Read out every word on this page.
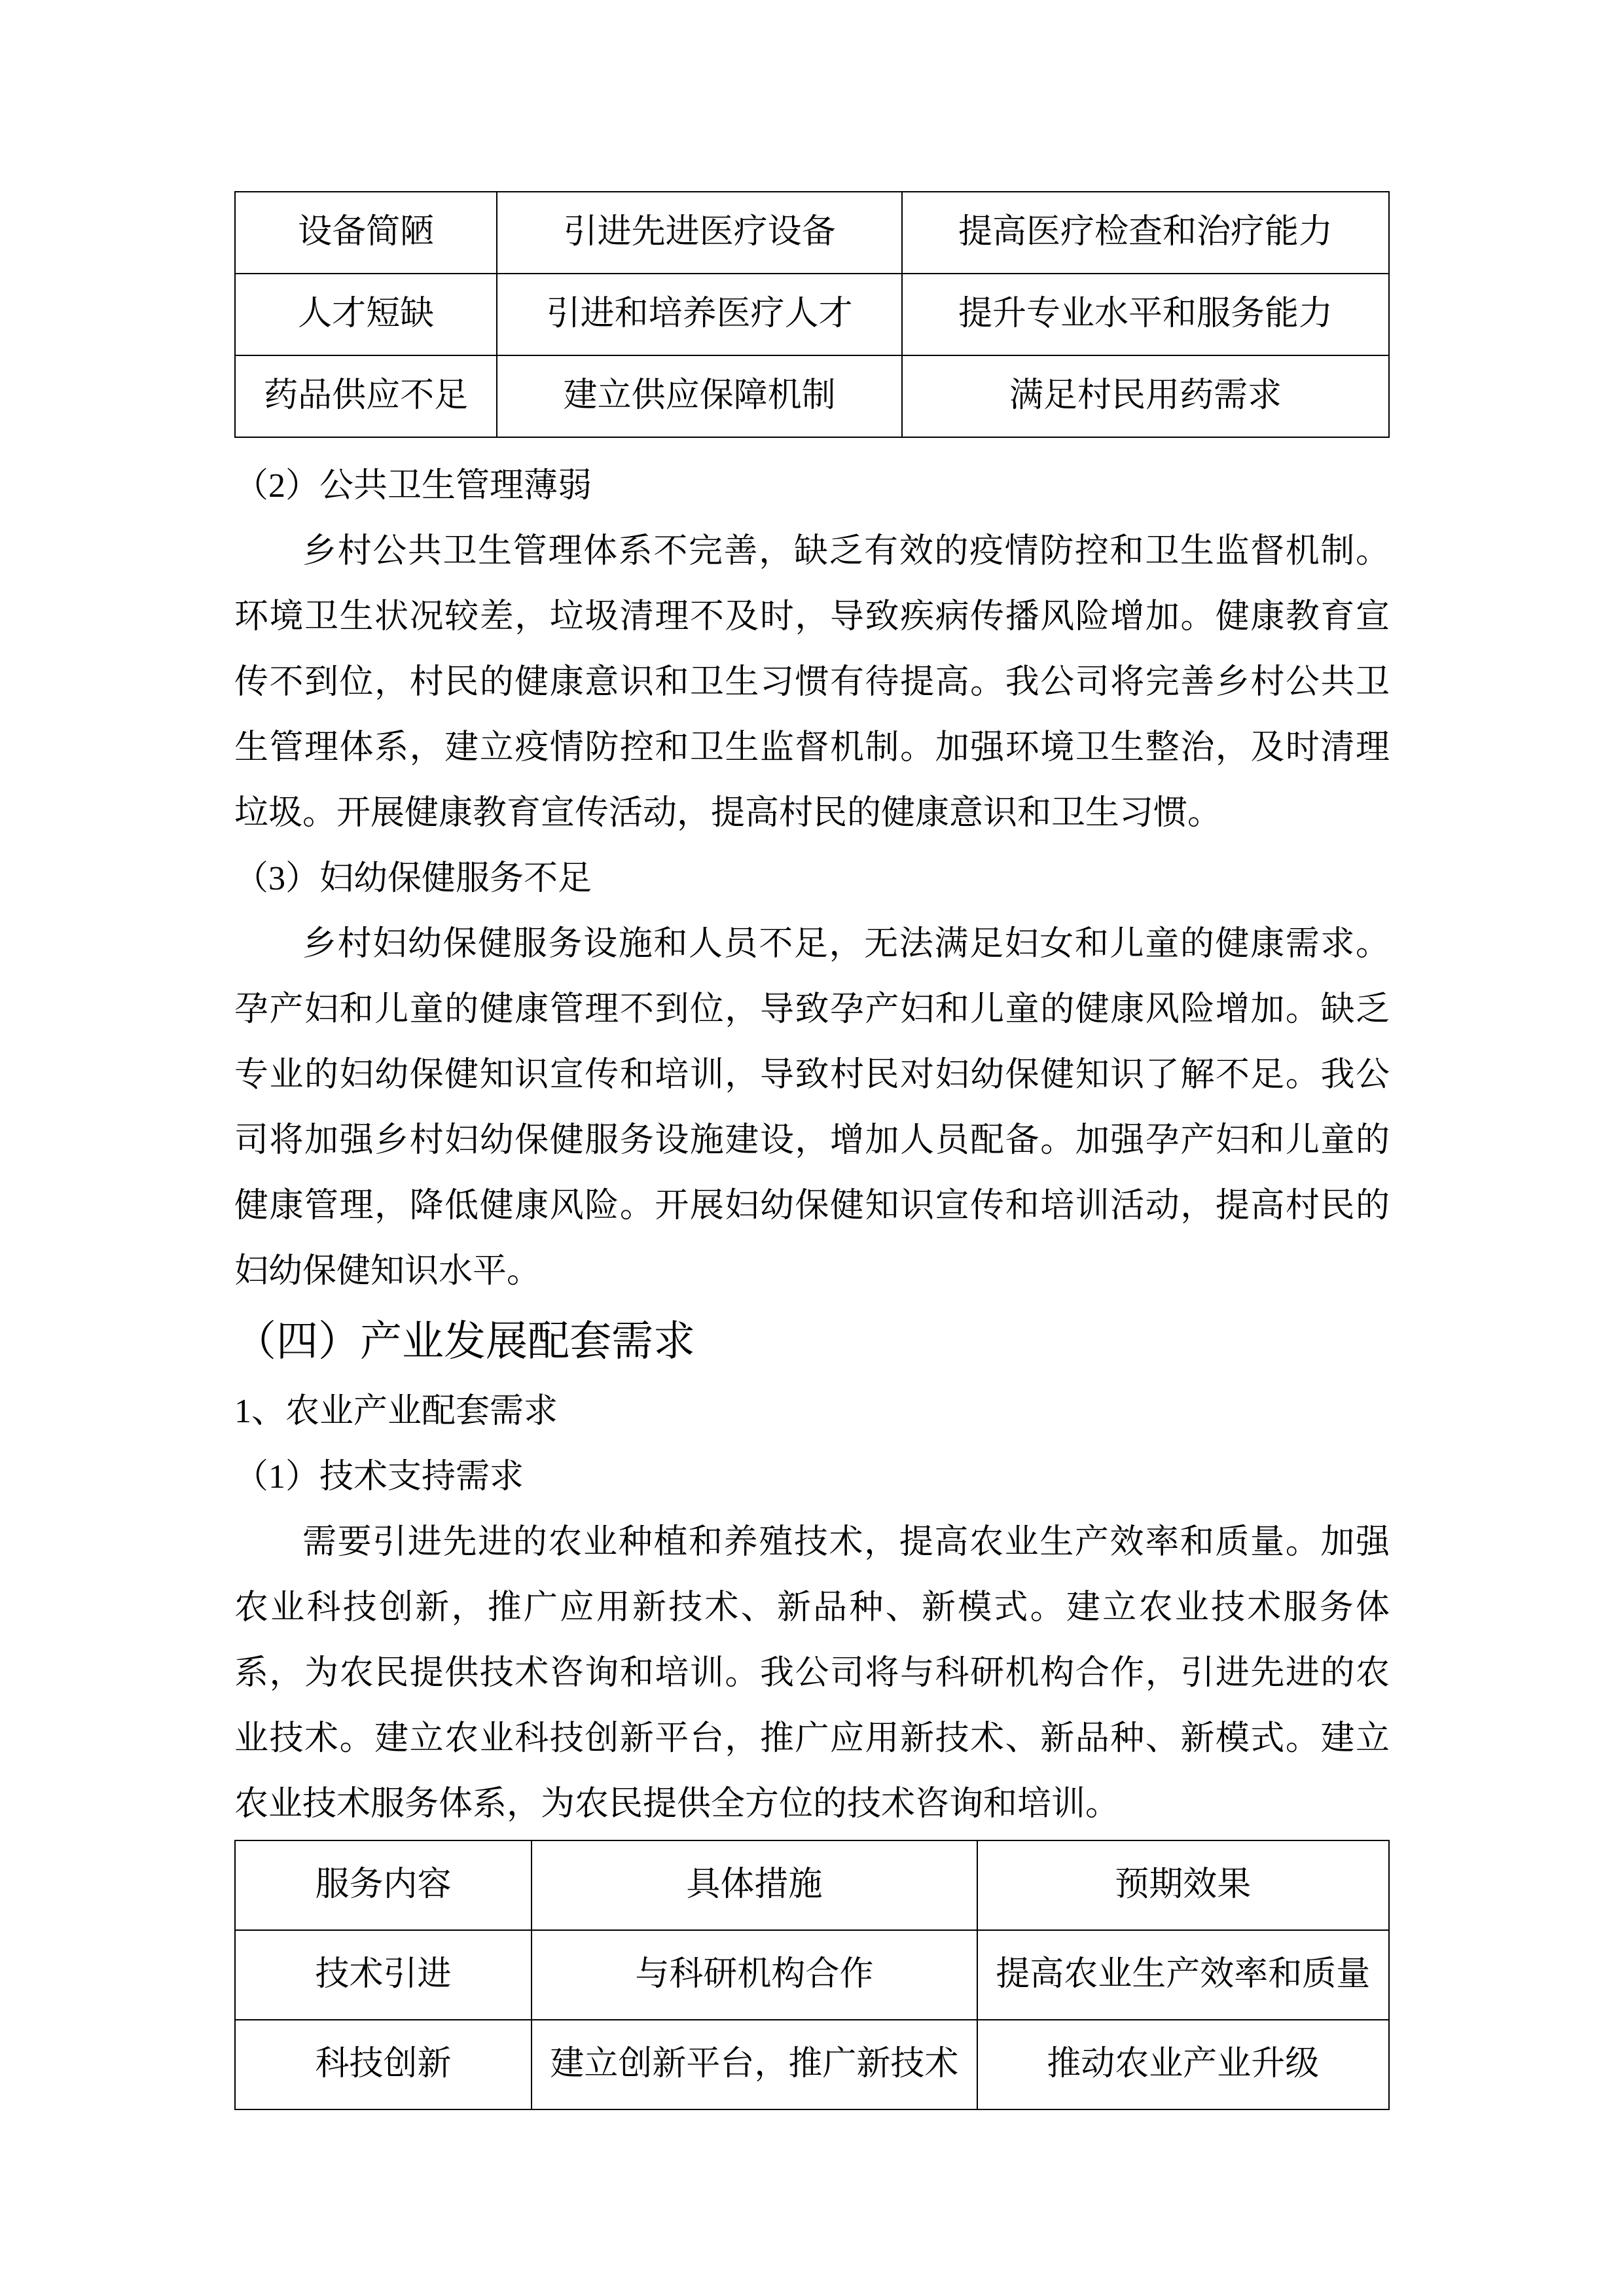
设备简陋	引进先进医疗设备	提高医疗检查和治疗能力
人才短缺	引进和培养医疗人才	提升专业水平和服务能力
药品供应不足	建立供应保障机制	满足村民用药需求
（2）公共卫生管理薄弱

乡村公共卫生管理体系不完善，缺乏有效的疫情防控和卫生监督机制。环境卫生状况较差，垃圾清理不及时，导致疾病传播风险增加。健康教育宣传不到位，村民的健康意识和卫生习惯有待提高。我公司将完善乡村公共卫生管理体系，建立疫情防控和卫生监督机制。加强环境卫生整治，及时清理垃圾。开展健康教育宣传活动，提高村民的健康意识和卫生习惯。

（3）妇幼保健服务不足

乡村妇幼保健服务设施和人员不足，无法满足妇女和儿童的健康需求。孕产妇和儿童的健康管理不到位，导致孕产妇和儿童的健康风险增加。缺乏专业的妇幼保健知识宣传和培训，导致村民对妇幼保健知识了解不足。我公司将加强乡村妇幼保健服务设施建设，增加人员配备。加强孕产妇和儿童的健康管理，降低健康风险。开展妇幼保健知识宣传和培训活动，提高村民的妇幼保健知识水平。

（四）产业发展配套需求
1、农业产业配套需求
（1）技术支持需求

需要引进先进的农业种植和养殖技术，提高农业生产效率和质量。加强农业科技创新，推广应用新技术、新品种、新模式。建立农业技术服务体系，为农民提供技术咨询和培训。我公司将与科研机构合作，引进先进的农业技术。建立农业科技创新平台，推广应用新技术、新品种、新模式。建立农业技术服务体系，为农民提供全方位的技术咨询和培训。

服务内容	具体措施	预期效果
技术引进	与科研机构合作	提高农业生产效率和质量
科技创新	建立创新平台，推广新技术	推动农业产业升级
